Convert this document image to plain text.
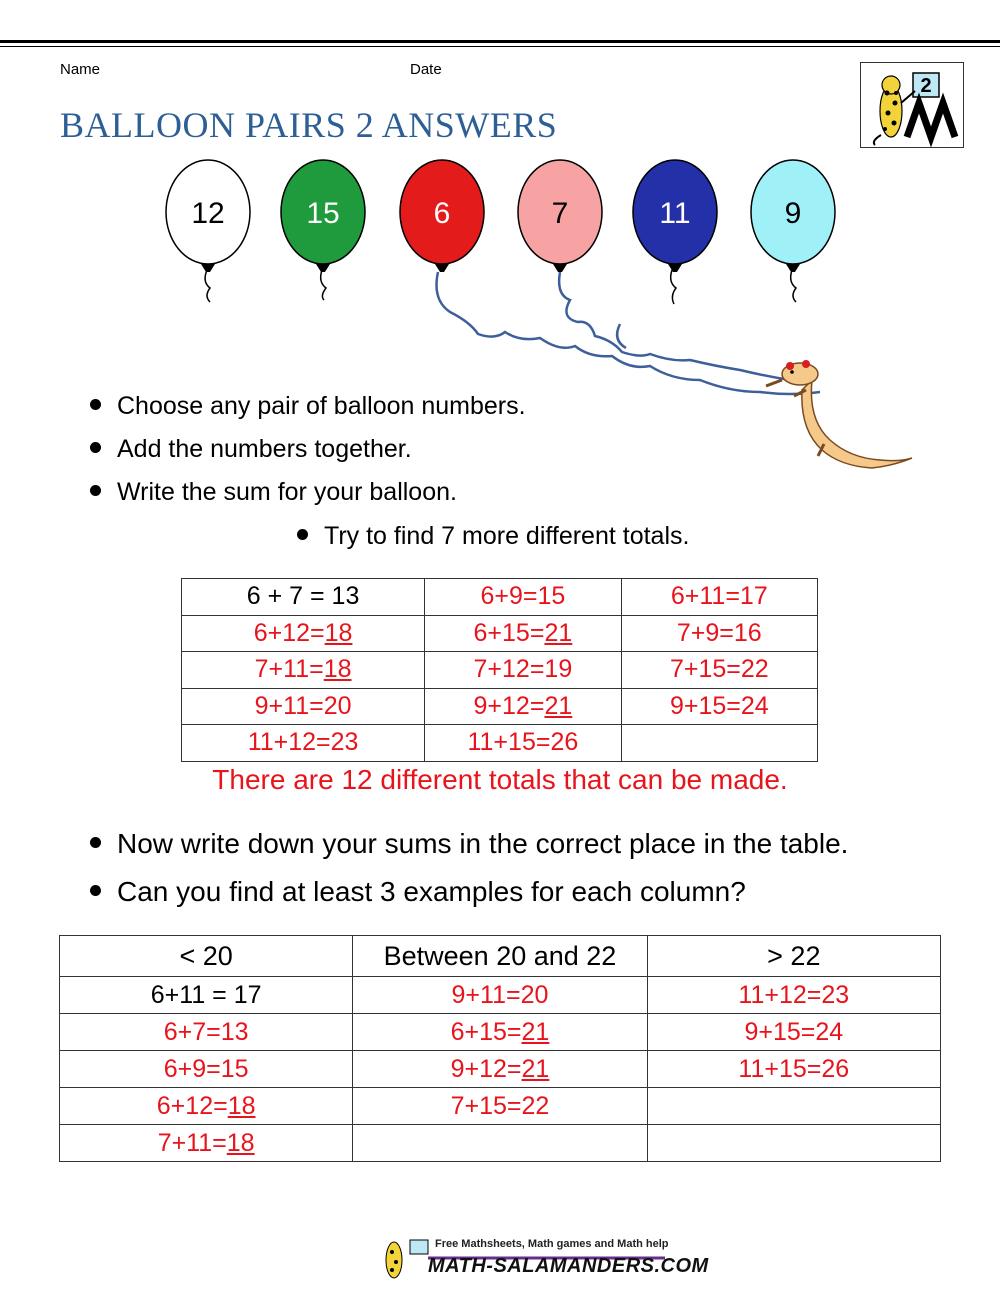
Name	Date
BALLOON PAIRS 2 ANSWERS
2
12	15	6	7	11	9
Choose any pair of balloon numbers.
Add the numbers together.
Write the sum for your balloon.
Try to find 7 more different totals.
6 + 7 = 13	6+9=15	6+11=17
6+12=18	6+15=21	7+9=16
7+11=18	7+12=19	7+15=22
9+11=20	9+12=21	9+15=24
11+12=23	11+15=26	
There are 12 different totals that can be made.
Now write down your sums in the correct place in the table.
Can you find at least 3 examples for each column?
< 20	Between 20 and 22	> 22
6+11 = 17	9+11=20	11+12=23
6+7=13	6+15=21	9+15=24
6+9=15	9+12=21	11+15=26
6+12=18	7+15=22	
7+11=18		
Free Mathsheets, Math games and Math help
MATH-SALAMANDERS.COM
